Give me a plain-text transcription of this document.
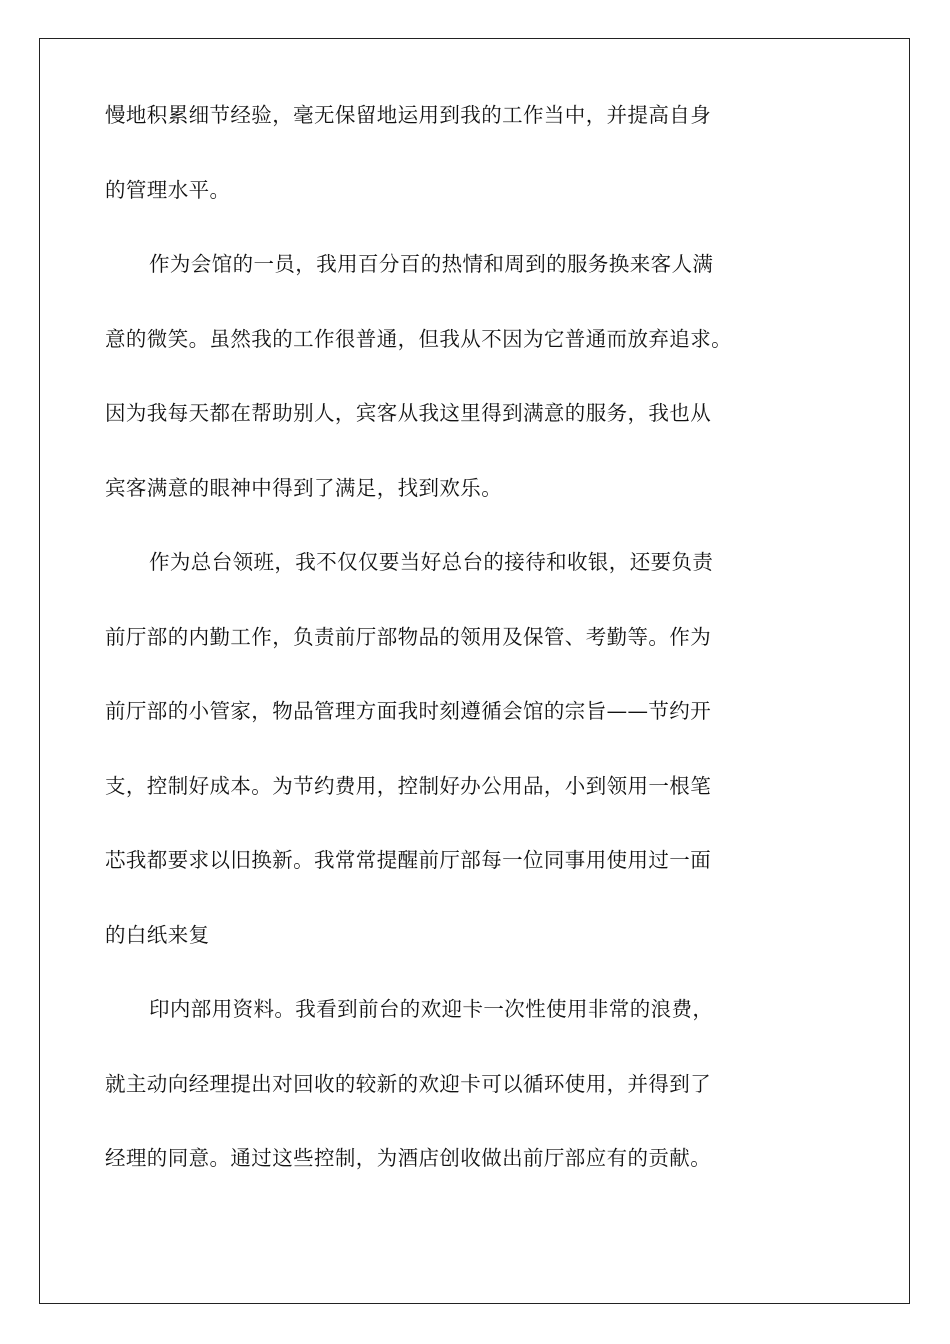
慢地积累细节经验，毫无保留地运用到我的工作当中，并提高自身
的管理水平。
作为会馆的一员，我用百分百的热情和周到的服务换来客人满
意的微笑。虽然我的工作很普通，但我从不因为它普通而放弃追求。
因为我每天都在帮助别人，宾客从我这里得到满意的服务，我也从
宾客满意的眼神中得到了满足，找到欢乐。
作为总台领班，我不仅仅要当好总台的接待和收银，还要负责
前厅部的内勤工作，负责前厅部物品的领用及保管、考勤等。作为
前厅部的小管家，物品管理方面我时刻遵循会馆的宗旨——节约开
支，控制好成本。为节约费用，控制好办公用品，小到领用一根笔
芯我都要求以旧换新。我常常提醒前厅部每一位同事用使用过一面
的白纸来复
印内部用资料。我看到前台的欢迎卡一次性使用非常的浪费，
就主动向经理提出对回收的较新的欢迎卡可以循环使用，并得到了
经理的同意。通过这些控制，为酒店创收做出前厅部应有的贡献。
